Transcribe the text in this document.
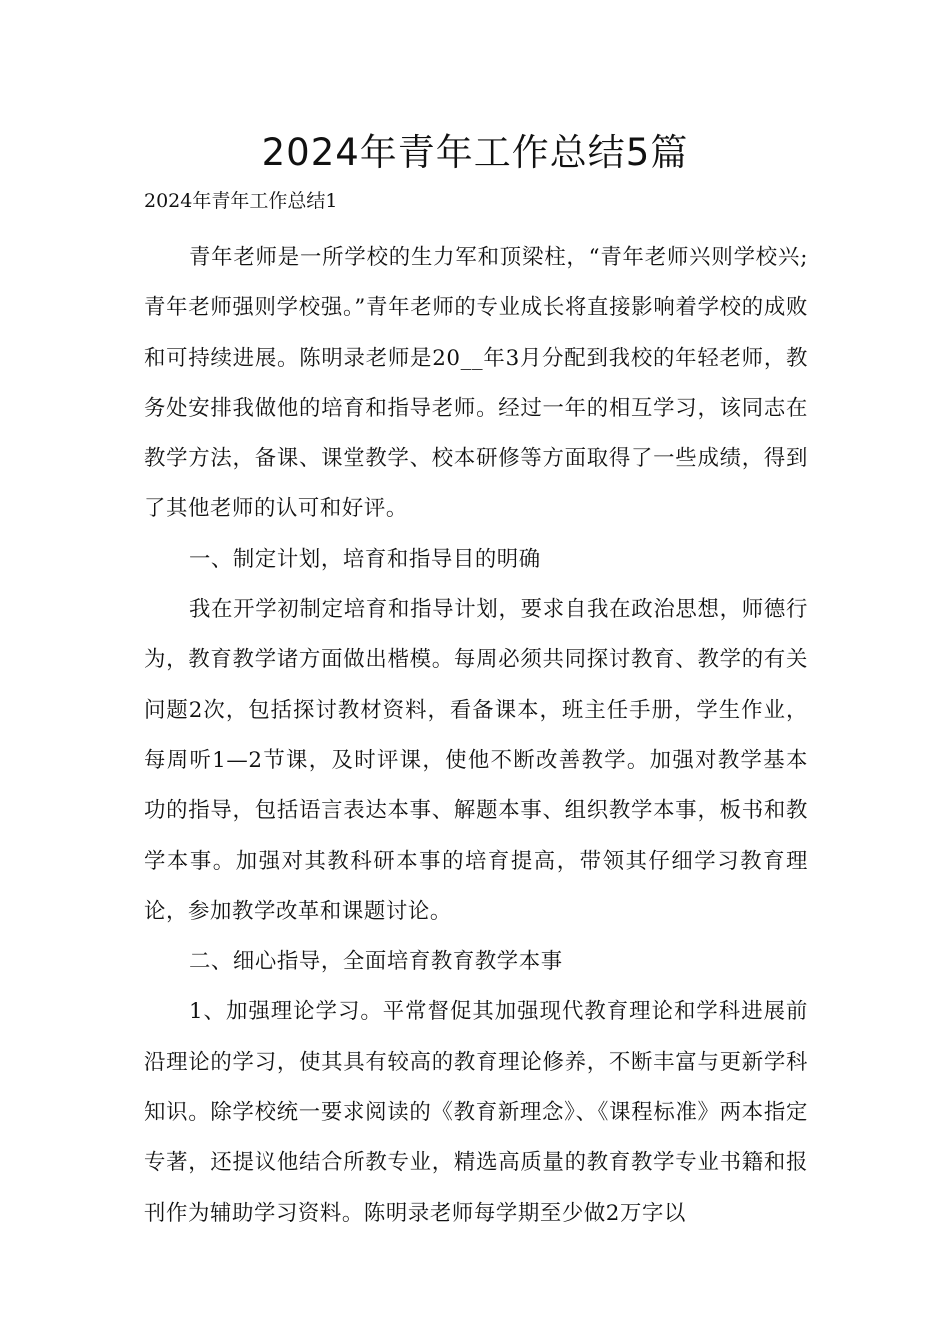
2024年青年工作总结5篇
2024年青年工作总结1

青年老师是一所学校的生力军和顶梁柱，“青年老师兴则学校兴;青年老师强则学校强。”青年老师的专业成长将直接影响着学校的成败和可持续进展。陈明录老师是20__年3月分配到我校的年轻老师，教务处安排我做他的培育和指导老师。经过一年的相互学习，该同志在教学方法，备课、课堂教学、校本研修等方面取得了一些成绩，得到了其他老师的认可和好评。

一、制定计划，培育和指导目的明确

我在开学初制定培育和指导计划，要求自我在政治思想，师德行为，教育教学诸方面做出楷模。每周必须共同探讨教育、教学的有关问题2次，包括探讨教材资料，看备课本，班主任手册，学生作业，每周听1—2节课，及时评课，使他不断改善教学。加强对教学基本功的指导，包括语言表达本事、解题本事、组织教学本事，板书和教学本事。加强对其教科研本事的培育提高，带领其仔细学习教育理论，参加教学改革和课题讨论。

二、细心指导，全面培育教育教学本事

1、加强理论学习。平常督促其加强现代教育理论和学科进展前沿理论的学习，使其具有较高的教育理论修养，不断丰富与更新学科知识。除学校统一要求阅读的《教育新理念》、《课程标准》两本指定专著，还提议他结合所教专业，精选高质量的教育教学专业书籍和报刊作为辅助学习资料。陈明录老师每学期至少做2万字以
